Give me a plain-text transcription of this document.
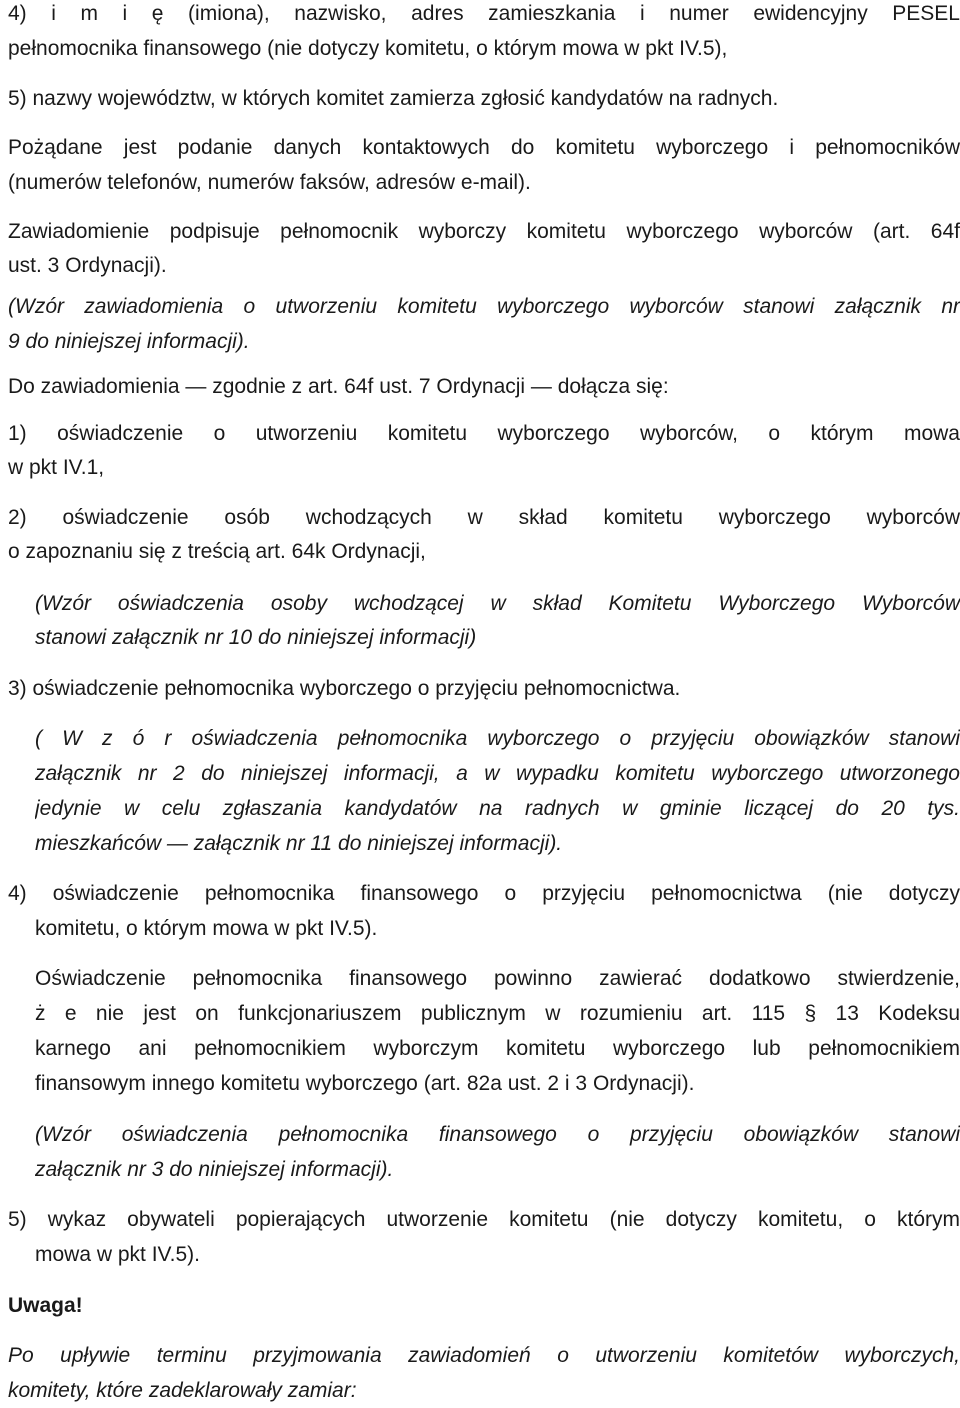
4) i m i ę (imiona), nazwisko, adres zamieszkania i numer ewidencyjny PESEL
pełnomocnika finansowego (nie dotyczy komitetu, o którym mowa w pkt IV.5),
5) nazwy województw, w których komitet zamierza zgłosić kandydatów na radnych.
Pożądane jest podanie danych kontaktowych do komitetu wyborczego i pełnomocników
(numerów telefonów, numerów faksów, adresów e-mail).
Zawiadomienie podpisuje pełnomocnik wyborczy komitetu wyborczego wyborców (art. 64f
ust. 3 Ordynacji).
(Wzór zawiadomienia o utworzeniu komitetu wyborczego wyborców stanowi załącznik nr
9 do niniejszej informacji).
Do zawiadomienia — zgodnie z art. 64f ust. 7 Ordynacji — dołącza się:
1) oświadczenie o utworzeniu komitetu wyborczego wyborców, o którym mowa
w pkt IV.1,
2) oświadczenie osób wchodzących w skład komitetu wyborczego wyborców
o zapoznaniu się z treścią art. 64k Ordynacji,
(Wzór oświadczenia osoby wchodzącej w skład Komitetu Wyborczego Wyborców
stanowi załącznik nr 10 do niniejszej informacji)
3) oświadczenie pełnomocnika wyborczego o przyjęciu pełnomocnictwa.
( W z ó r oświadczenia pełnomocnika wyborczego o przyjęciu obowiązków stanowi
załącznik nr 2 do niniejszej informacji, a w wypadku komitetu wyborczego utworzonego
jedynie w celu zgłaszania kandydatów na radnych w gminie liczącej do 20 tys.
mieszkańców — załącznik nr 11 do niniejszej informacji).
4) oświadczenie pełnomocnika finansowego o przyjęciu pełnomocnictwa (nie dotyczy
komitetu, o którym mowa w pkt IV.5).
Oświadczenie pełnomocnika finansowego powinno zawierać dodatkowo stwierdzenie,
ż e nie jest on funkcjonariuszem publicznym w rozumieniu art. 115 § 13 Kodeksu
karnego ani pełnomocnikiem wyborczym komitetu wyborczego lub pełnomocnikiem
finansowym innego komitetu wyborczego (art. 82a ust. 2 i 3 Ordynacji).
(Wzór oświadczenia pełnomocnika finansowego o przyjęciu obowiązków stanowi
załącznik nr 3 do niniejszej informacji).
5) wykaz obywateli popierających utworzenie komitetu (nie dotyczy komitetu, o którym
mowa w pkt IV.5).
Uwaga!
Po upływie terminu przyjmowania zawiadomień o utworzeniu komitetów wyborczych,
komitety, które zadeklarowały zamiar:
